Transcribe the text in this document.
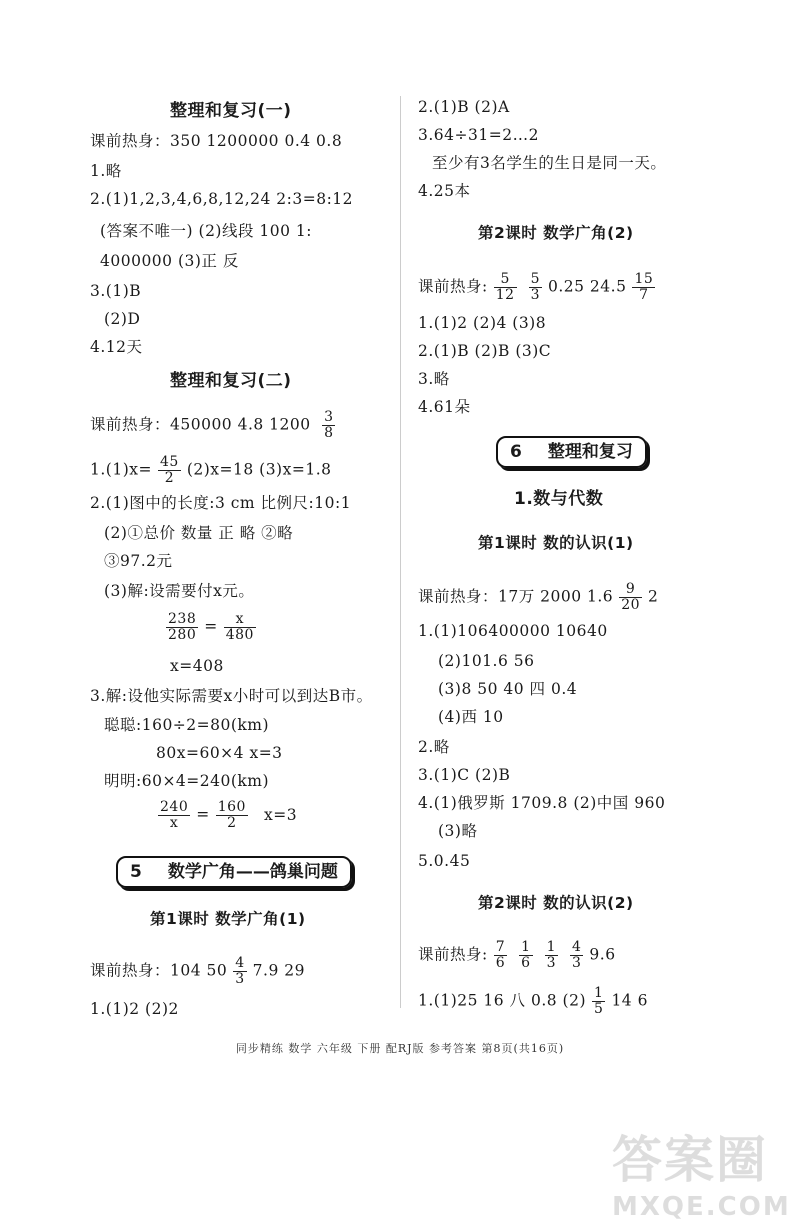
整理和复习(一)
课前热身：350 1200000 0.4 0.8
1.略
2.(1)1,2,3,4,6,8,12,24 2:3=8:12
(答案不唯一) (2)线段 100 1:
4000000 (3)正 反
3.(1)B
(2)D
4.12天
整理和复习(二)
课前热身：450000 4.8 $1200 \frac{3}{8}$
$1.(1)x= \frac{45}{2} (2)x=18$ (3)x=1.8
2.(1)图中的长度:3 cm 比例尺:10:1
(2)①总价 数量 正 略 ②略
③97.2元
(3)解:设需要付x元。
$\frac{238}{280} = \frac{x}{480}$
x=408
3.解:设他实际需要x小时可以到达B市。
聪聪:160÷2=80(km)
80x=60×4 x=3
明明:60×4=240(km)
$\frac{240}{x} = \frac{160}{2} x=3$
5 数学广角——鸽巢问题
第1课时 数学广角(1)
课前热身：104 $50 \frac{4}{3} 7.9$ 29
1.(1)2 (2)2
2.(1)B (2)A
3.64÷31=2…2
至少有3名学生的生日是同一天。
4.25本
第2课时 数学广角(2)
课前热身: $\frac{5}{12} \frac{5}{3} 0.25$ $24.5 \frac{15}{7}$
1.(1)2 (2)4 (3)8
2.(1)B (2)B (3)C
3.略
4.61朵
6 整理和复习
1.数与代数
第1课时 数的认识(1)
课前热身：17万 2000 $1.6 \frac{9}{20} 2$
1.(1)106400000 10640
(2)101.6 56
(3)8 50 40 四 0.4
(4)西 10
2.略
3.(1)C (2)B
4.(1)俄罗斯 1709.8 (2)中国 960
(3)略
5.0.45
第2课时 数的认识(2)
课前热身: $\frac{7}{6} \frac{1}{6} \frac{1}{3} \frac{4}{3} 9.6$
1.(1)25 16 八 0.8 $(2) \frac{1}{5} 14$ 6
同步精练 数学 六年级 下册 配RJ版 参考答案 第8页(共16页)
答案圈
MXQE.COM
